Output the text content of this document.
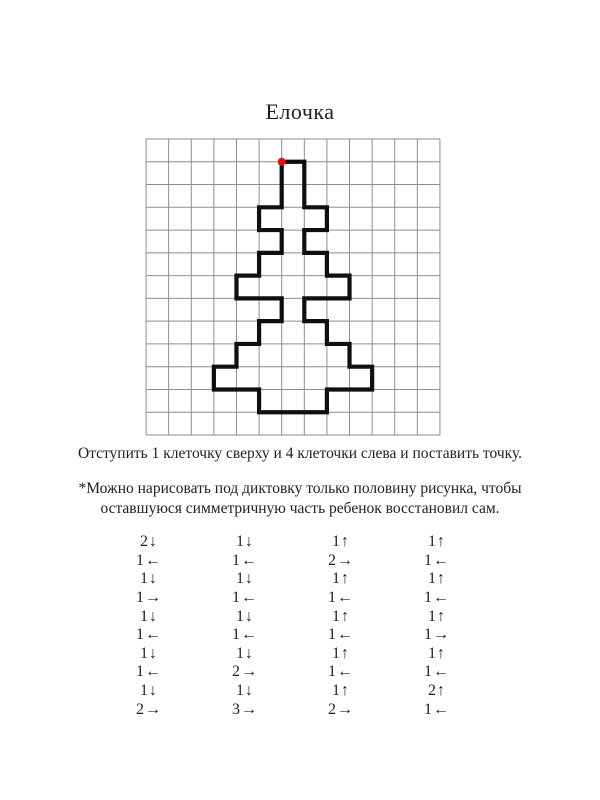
Елочка

Отступить 1 клеточку сверху и 4 клеточки слева и поставить точку.

*Можно нарисовать под диктовку только половину рисунка, чтобы
оставшуюся симметричную часть ребенок восстановил сам.
2↓	1↓	1↑	1↑
1←	1←	2→	1←
1↓	1↓	1↑	1↑
1→	1←	1←	1←
1↓	1↓	1↑	1↑
1←	1←	1←	1→
1↓	1↓	1↑	1↑
1←	2→	1←	1←
1↓	1↓	1↑	2↑
2→	3→	2→	1←
